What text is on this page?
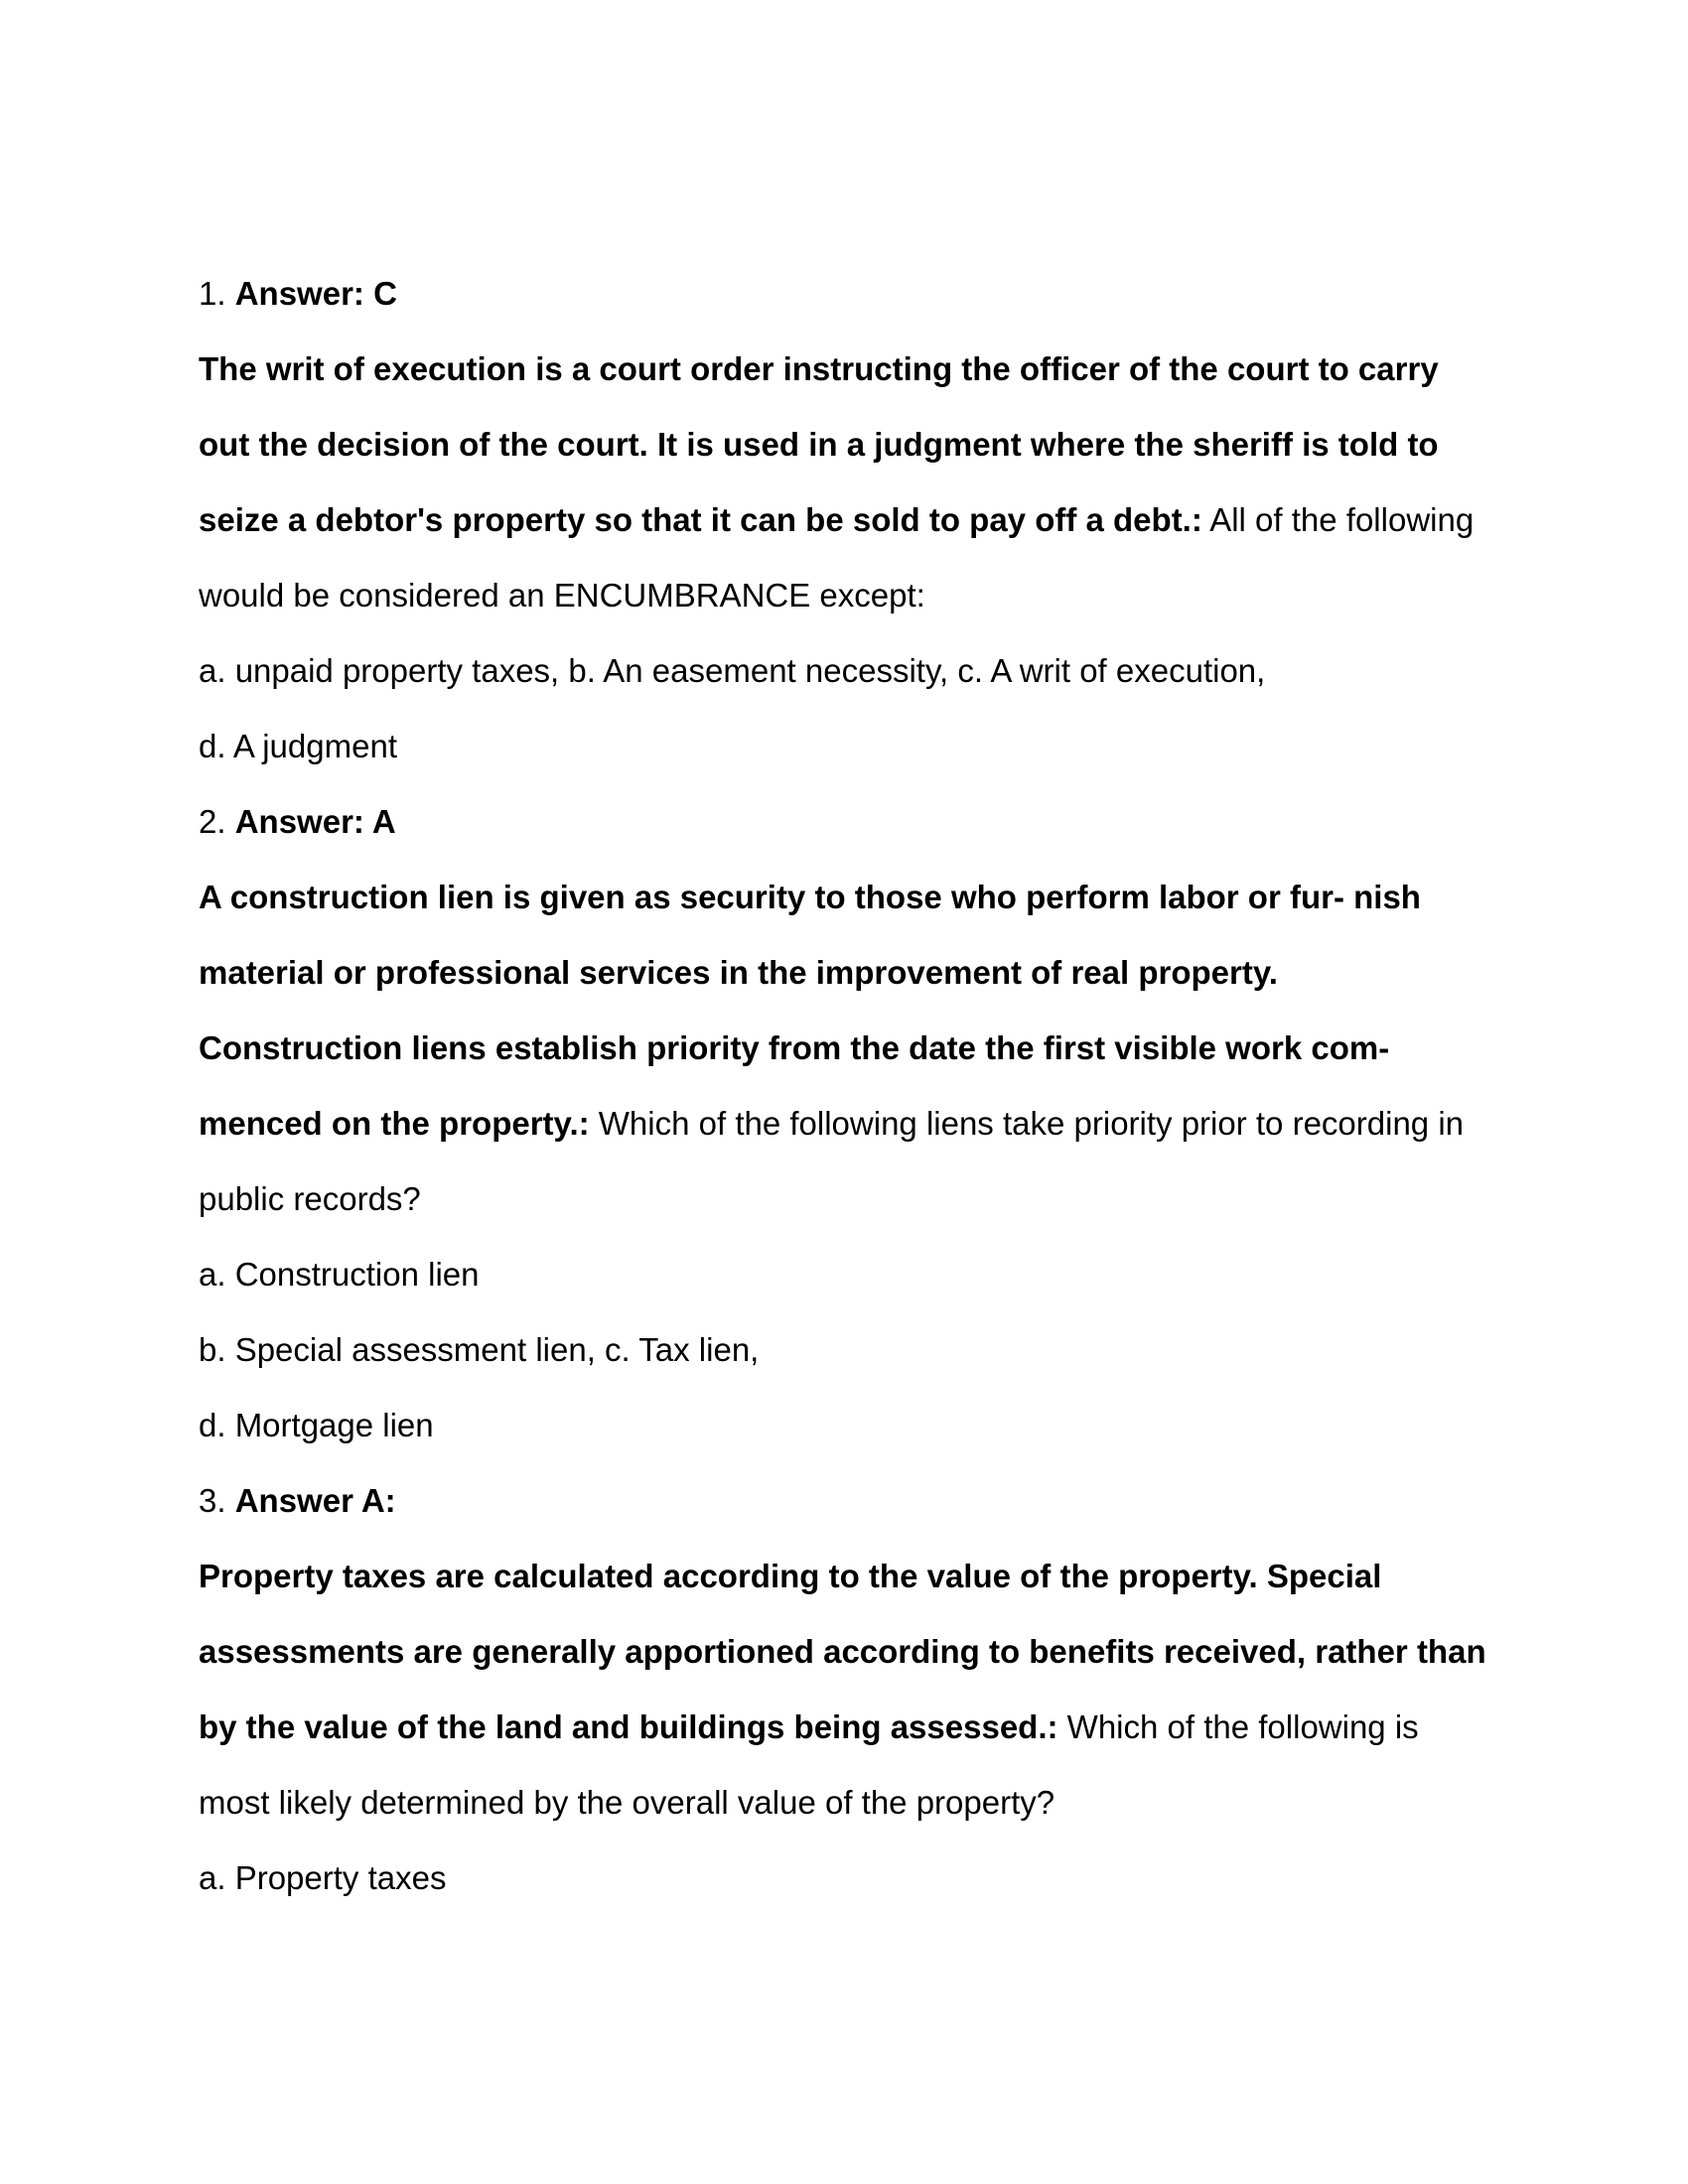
1. Answer: C
The writ of execution is a court order instructing the officer of the court to carry
out the decision of the court. It is used in a judgment where the sheriff is told to
seize a debtor's property so that it can be sold to pay off a debt.: All of the following
would be considered an ENCUMBRANCE except:
a. unpaid property taxes, b. An easement necessity, c. A writ of execution,
d. A judgment
2. Answer: A
A construction lien is given as security to those who perform labor or fur- nish
material or professional services in the improvement of real property.
Construction liens establish priority from the date the first visible work com-
menced on the property.: Which of the following liens take priority prior to recording in
public records?
a. Construction lien
b. Special assessment lien, c. Tax lien,
d. Mortgage lien
3. Answer A:
Property taxes are calculated according to the value of the property. Special
assessments are generally apportioned according to benefits received, rather than
by the value of the land and buildings being assessed.: Which of the following is
most likely determined by the overall value of the property?
a. Property taxes
